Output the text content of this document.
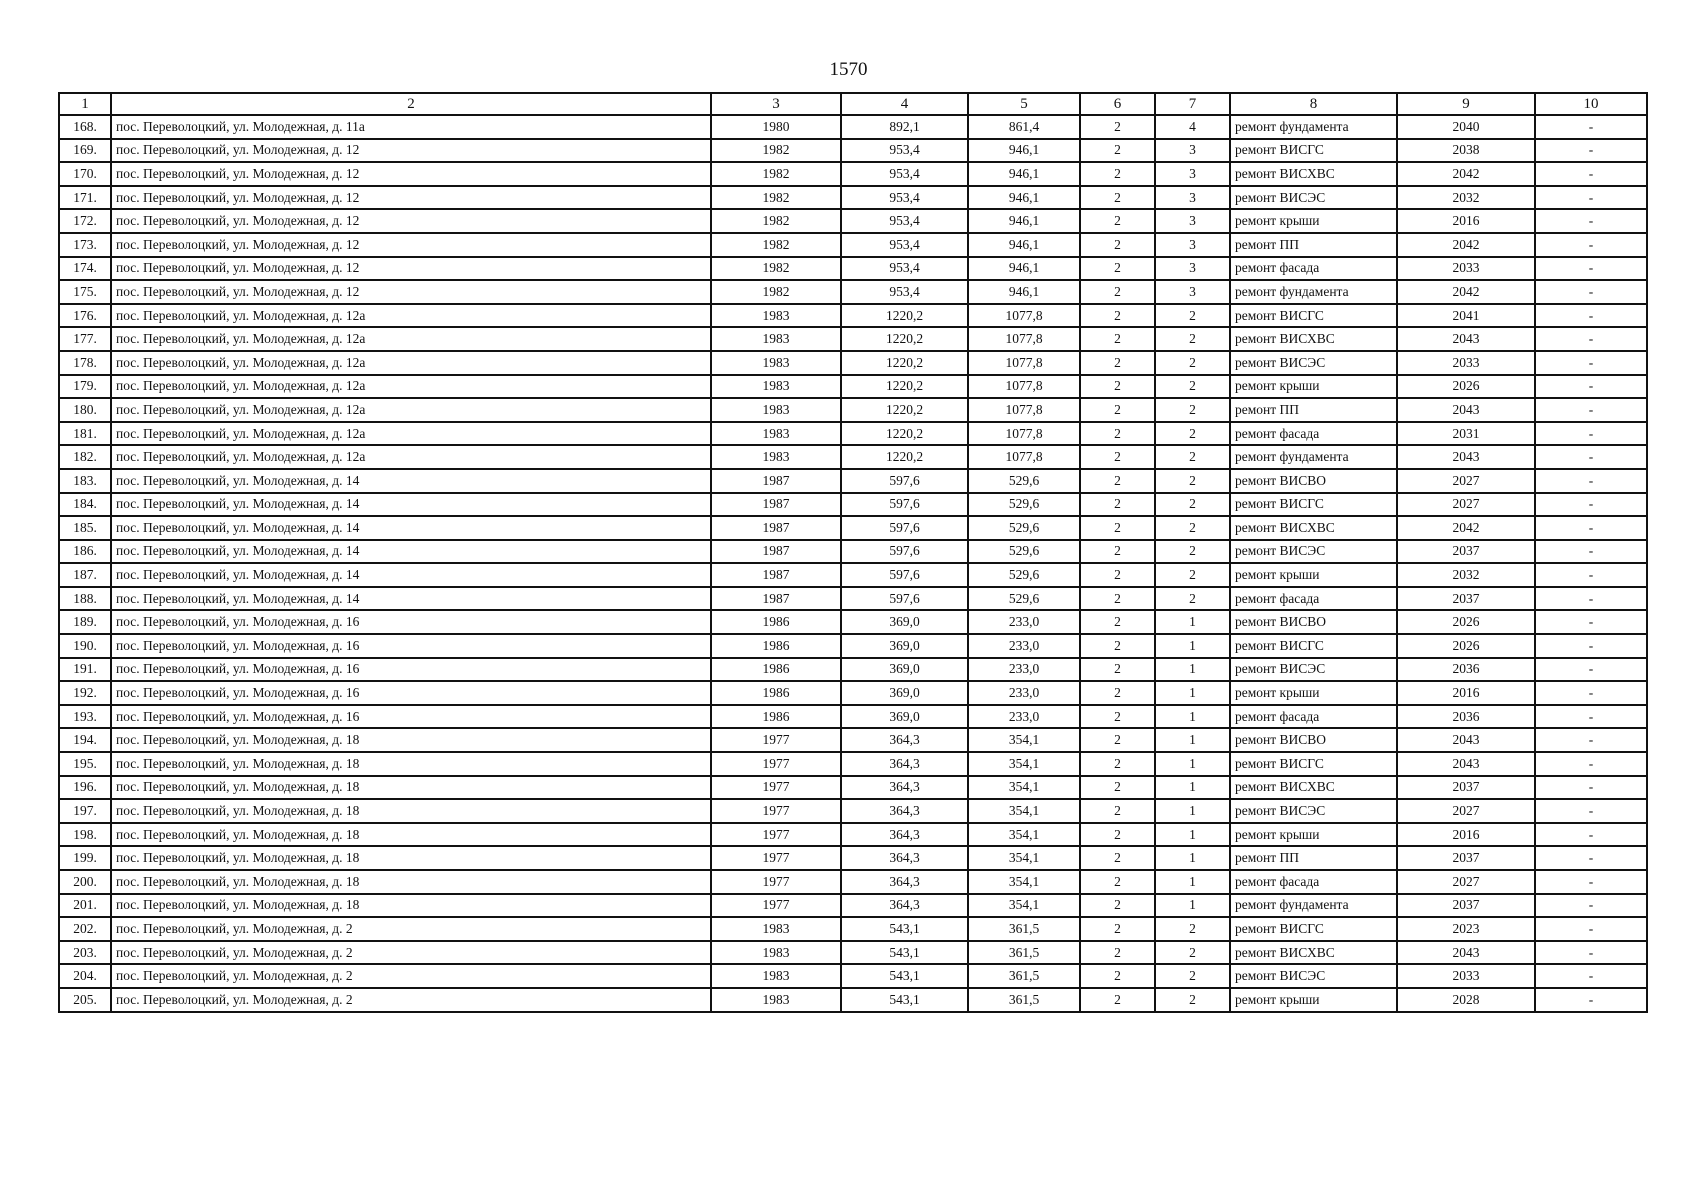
1570
1	2	3	4	5	6	7	8	9	10
168.	пос. Переволоцкий, ул. Молодежная, д. 11а	1980	892,1	861,4	2	4	ремонт фундамента	2040	-
169.	пос. Переволоцкий, ул. Молодежная, д. 12	1982	953,4	946,1	2	3	ремонт ВИСГС	2038	-
170.	пос. Переволоцкий, ул. Молодежная, д. 12	1982	953,4	946,1	2	3	ремонт ВИСХВС	2042	-
171.	пос. Переволоцкий, ул. Молодежная, д. 12	1982	953,4	946,1	2	3	ремонт ВИСЭС	2032	-
172.	пос. Переволоцкий, ул. Молодежная, д. 12	1982	953,4	946,1	2	3	ремонт крыши	2016	-
173.	пос. Переволоцкий, ул. Молодежная, д. 12	1982	953,4	946,1	2	3	ремонт ПП	2042	-
174.	пос. Переволоцкий, ул. Молодежная, д. 12	1982	953,4	946,1	2	3	ремонт фасада	2033	-
175.	пос. Переволоцкий, ул. Молодежная, д. 12	1982	953,4	946,1	2	3	ремонт фундамента	2042	-
176.	пос. Переволоцкий, ул. Молодежная, д. 12а	1983	1220,2	1077,8	2	2	ремонт ВИСГС	2041	-
177.	пос. Переволоцкий, ул. Молодежная, д. 12а	1983	1220,2	1077,8	2	2	ремонт ВИСХВС	2043	-
178.	пос. Переволоцкий, ул. Молодежная, д. 12а	1983	1220,2	1077,8	2	2	ремонт ВИСЭС	2033	-
179.	пос. Переволоцкий, ул. Молодежная, д. 12а	1983	1220,2	1077,8	2	2	ремонт крыши	2026	-
180.	пос. Переволоцкий, ул. Молодежная, д. 12а	1983	1220,2	1077,8	2	2	ремонт ПП	2043	-
181.	пос. Переволоцкий, ул. Молодежная, д. 12а	1983	1220,2	1077,8	2	2	ремонт фасада	2031	-
182.	пос. Переволоцкий, ул. Молодежная, д. 12а	1983	1220,2	1077,8	2	2	ремонт фундамента	2043	-
183.	пос. Переволоцкий, ул. Молодежная, д. 14	1987	597,6	529,6	2	2	ремонт ВИСВО	2027	-
184.	пос. Переволоцкий, ул. Молодежная, д. 14	1987	597,6	529,6	2	2	ремонт ВИСГС	2027	-
185.	пос. Переволоцкий, ул. Молодежная, д. 14	1987	597,6	529,6	2	2	ремонт ВИСХВС	2042	-
186.	пос. Переволоцкий, ул. Молодежная, д. 14	1987	597,6	529,6	2	2	ремонт ВИСЭС	2037	-
187.	пос. Переволоцкий, ул. Молодежная, д. 14	1987	597,6	529,6	2	2	ремонт крыши	2032	-
188.	пос. Переволоцкий, ул. Молодежная, д. 14	1987	597,6	529,6	2	2	ремонт фасада	2037	-
189.	пос. Переволоцкий, ул. Молодежная, д. 16	1986	369,0	233,0	2	1	ремонт ВИСВО	2026	-
190.	пос. Переволоцкий, ул. Молодежная, д. 16	1986	369,0	233,0	2	1	ремонт ВИСГС	2026	-
191.	пос. Переволоцкий, ул. Молодежная, д. 16	1986	369,0	233,0	2	1	ремонт ВИСЭС	2036	-
192.	пос. Переволоцкий, ул. Молодежная, д. 16	1986	369,0	233,0	2	1	ремонт крыши	2016	-
193.	пос. Переволоцкий, ул. Молодежная, д. 16	1986	369,0	233,0	2	1	ремонт фасада	2036	-
194.	пос. Переволоцкий, ул. Молодежная, д. 18	1977	364,3	354,1	2	1	ремонт ВИСВО	2043	-
195.	пос. Переволоцкий, ул. Молодежная, д. 18	1977	364,3	354,1	2	1	ремонт ВИСГС	2043	-
196.	пос. Переволоцкий, ул. Молодежная, д. 18	1977	364,3	354,1	2	1	ремонт ВИСХВС	2037	-
197.	пос. Переволоцкий, ул. Молодежная, д. 18	1977	364,3	354,1	2	1	ремонт ВИСЭС	2027	-
198.	пос. Переволоцкий, ул. Молодежная, д. 18	1977	364,3	354,1	2	1	ремонт крыши	2016	-
199.	пос. Переволоцкий, ул. Молодежная, д. 18	1977	364,3	354,1	2	1	ремонт ПП	2037	-
200.	пос. Переволоцкий, ул. Молодежная, д. 18	1977	364,3	354,1	2	1	ремонт фасада	2027	-
201.	пос. Переволоцкий, ул. Молодежная, д. 18	1977	364,3	354,1	2	1	ремонт фундамента	2037	-
202.	пос. Переволоцкий, ул. Молодежная, д. 2	1983	543,1	361,5	2	2	ремонт ВИСГС	2023	-
203.	пос. Переволоцкий, ул. Молодежная, д. 2	1983	543,1	361,5	2	2	ремонт ВИСХВС	2043	-
204.	пос. Переволоцкий, ул. Молодежная, д. 2	1983	543,1	361,5	2	2	ремонт ВИСЭС	2033	-
205.	пос. Переволоцкий, ул. Молодежная, д. 2	1983	543,1	361,5	2	2	ремонт крыши	2028	-
